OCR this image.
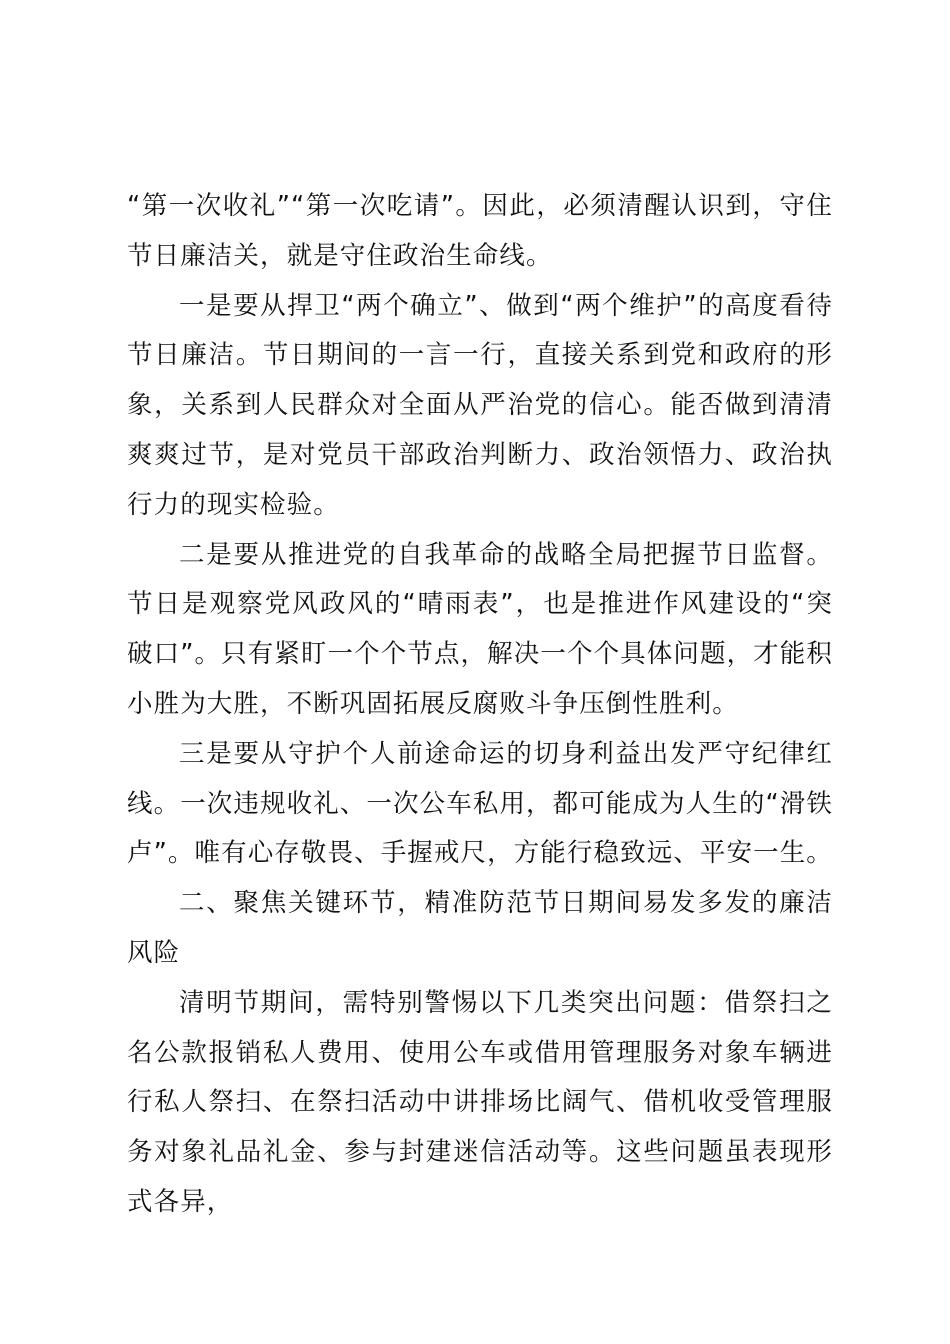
“第一次收礼”“第一次吃请”。因此，必须清醒认识到，守住节日廉洁关，就是守住政治生命线。

一是要从捍卫“两个确立”、做到“两个维护”的高度看待节日廉洁。节日期间的一言一行，直接关系到党和政府的形象，关系到人民群众对全面从严治党的信心。能否做到清清爽爽过节，是对党员干部政治判断力、政治领悟力、政治执行力的现实检验。

二是要从推进党的自我革命的战略全局把握节日监督。节日是观察党风政风的“晴雨表”，也是推进作风建设的“突破口”。只有紧盯一个个节点，解决一个个具体问题，才能积小胜为大胜，不断巩固拓展反腐败斗争压倒性胜利。

三是要从守护个人前途命运的切身利益出发严守纪律红线。一次违规收礼、一次公车私用，都可能成为人生的“滑铁卢”。唯有心存敬畏、手握戒尺，方能行稳致远、平安一生。

二、聚焦关键环节，精准防范节日期间易发多发的廉洁风险

清明节期间，需特别警惕以下几类突出问题：借祭扫之名公款报销私人费用、使用公车或借用管理服务对象车辆进行私人祭扫、在祭扫活动中讲排场比阔气、借机收受管理服务对象礼品礼金、参与封建迷信活动等。这些问题虽表现形式各异，
